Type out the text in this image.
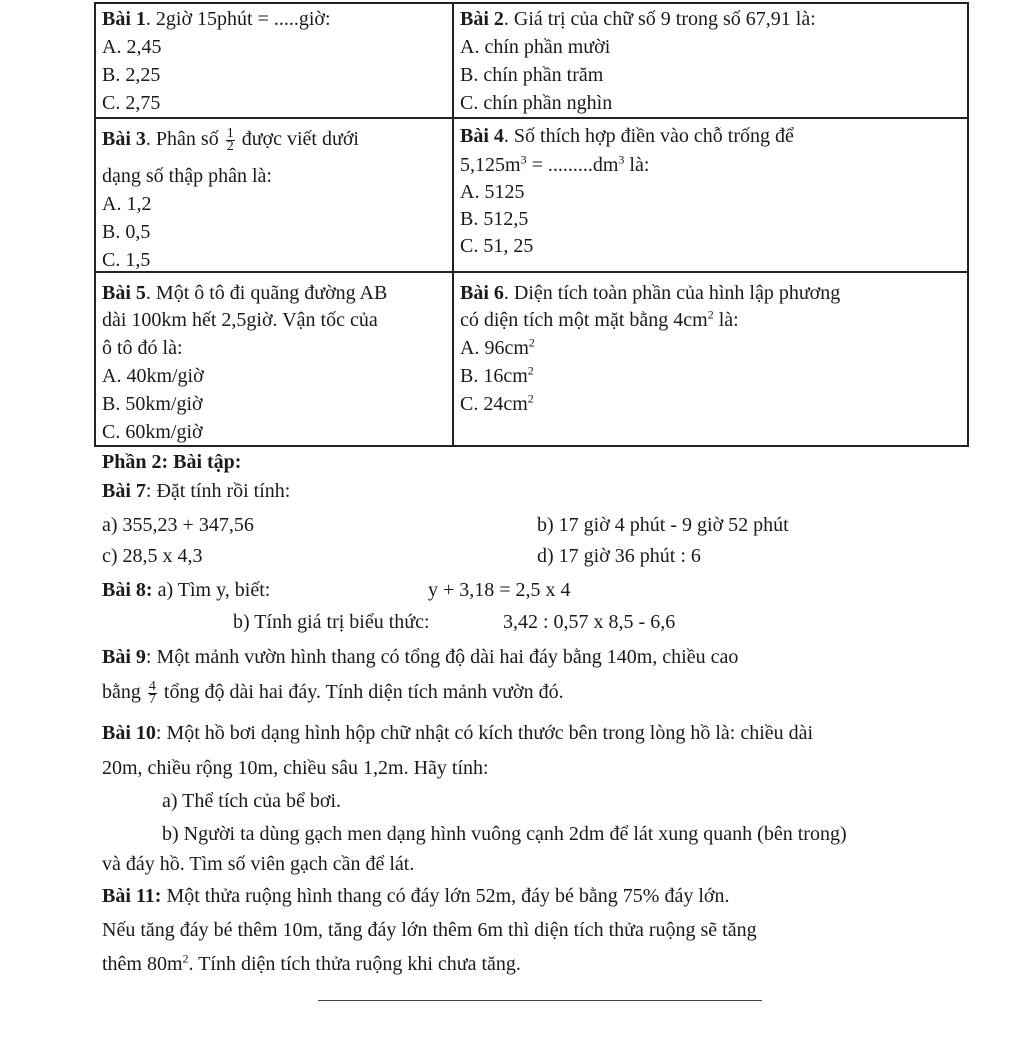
Bài 1. 2giờ 15phút = .....giờ:
A. 2,45
B. 2,25
C. 2,75
Bài 2. Giá trị của chữ số 9 trong số 67,91 là:
A. chín phần mười
B. chín phần trăm
C. chín phần nghìn
Bài 3. Phân số $\frac{1}{2}$ được viết dưới
dạng số thập phân là:
A. 1,2
B. 0,5
C. 1,5
Bài 4. Số thích hợp điền vào chỗ trống để
$5,125m^3 = .........dm^3$ là:
A. 5125
B. 512,5
C. 51, 25
Bài 5. Một ô tô đi quãng đường AB
dài 100km hết 2,5giờ. Vận tốc của
ô tô đó là:
A. 40km/giờ
B. 50km/giờ
C. 60km/giờ
Bài 6. Diện tích toàn phần của hình lập phương
có diện tích một mặt bằng $4cm^2$ là:
A. $96cm^2$
B. $16cm^2$
C. $24cm^2$
Phần 2: Bài tập:
Bài 7: Đặt tính rồi tính:
a) 355,23 + 347,56	b) 17 giờ 4 phút - 9 giờ 52 phút
c) 28,5 x 4,3	d) 17 giờ 36 phút : 6
Bài 8: a) Tìm y, biết:	y + 3,18 = 2,5 x 4
b) Tính giá trị biểu thức:	3,42 : 0,57 x 8,5 - 6,6
Bài 9: Một mảnh vườn hình thang có tổng độ dài hai đáy bằng 140m, chiều cao
bằng $\frac{4}{7}$ tổng độ dài hai đáy. Tính diện tích mảnh vườn đó.
Bài 10: Một hồ bơi dạng hình hộp chữ nhật có kích thước bên trong lòng hồ là: chiều dài
20m, chiều rộng 10m, chiều sâu 1,2m. Hãy tính:
a) Thể tích của bể bơi.
b) Người ta dùng gạch men dạng hình vuông cạnh 2dm để lát xung quanh (bên trong)
và đáy hồ. Tìm số viên gạch cần để lát.
Bài 11: Một thửa ruộng hình thang có đáy lớn 52m, đáy bé bằng 75% đáy lớn.
Nếu tăng đáy bé thêm 10m, tăng đáy lớn thêm 6m thì diện tích thửa ruộng sẽ tăng
thêm $80m^2$. Tính diện tích thửa ruộng khi chưa tăng.
